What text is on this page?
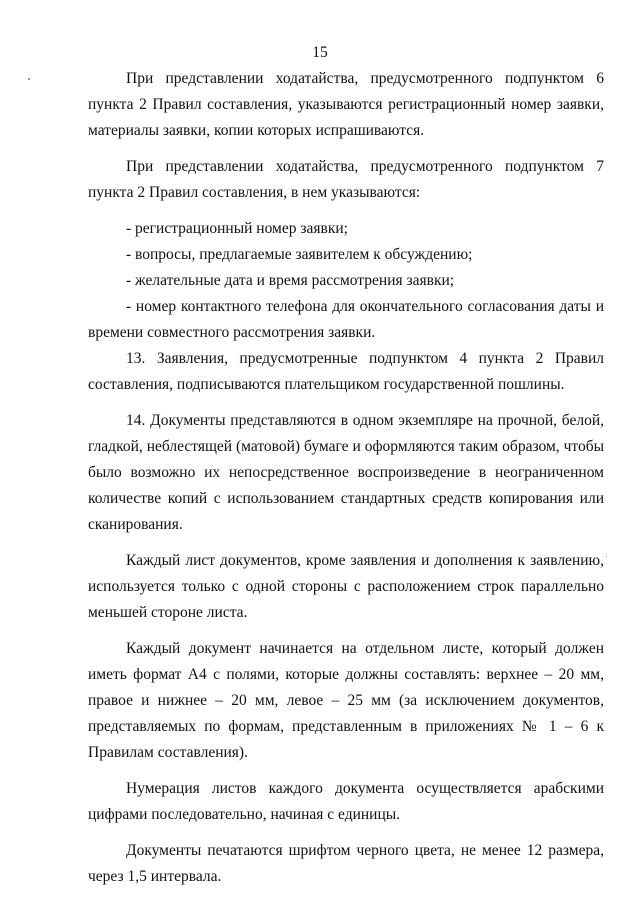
15

При представлении ходатайства, предусмотренного подпунктом 6 пункта 2 Правил составления, указываются регистрационный номер заявки, материалы заявки, копии которых испрашиваются.

При представлении ходатайства, предусмотренного подпунктом 7 пункта 2 Правил составления, в нем указываются:

- регистрационный номер заявки;

- вопросы, предлагаемые заявителем к обсуждению;

- желательные дата и время рассмотрения заявки;

- номер контактного телефона для окончательного согласования даты и времени совместного рассмотрения заявки.

13. Заявления, предусмотренные подпунктом 4 пункта 2 Правил составления, подписываются плательщиком государственной пошлины.

14. Документы представляются в одном экземпляре на прочной, белой, гладкой, неблестящей (матовой) бумаге и оформляются таким образом, чтобы было возможно их непосредственное воспроизведение в неограниченном количестве копий с использованием стандартных средств копирования или сканирования.

Каждый лист документов, кроме заявления и дополнения к заявлению, используется только с одной стороны с расположением строк параллельно меньшей стороне листа.

Каждый документ начинается на отдельном листе, который должен иметь формат А4 с полями, которые должны составлять: верхнее – 20 мм, правое и нижнее – 20 мм, левое – 25 мм (за исключением документов, представляемых по формам, представленным в приложениях № 1 – 6 к Правилам составления).

Нумерация листов каждого документа осуществляется арабскими цифрами последовательно, начиная с единицы.

Документы печатаются шрифтом черного цвета, не менее 12 размера, через 1,5 интервала.
